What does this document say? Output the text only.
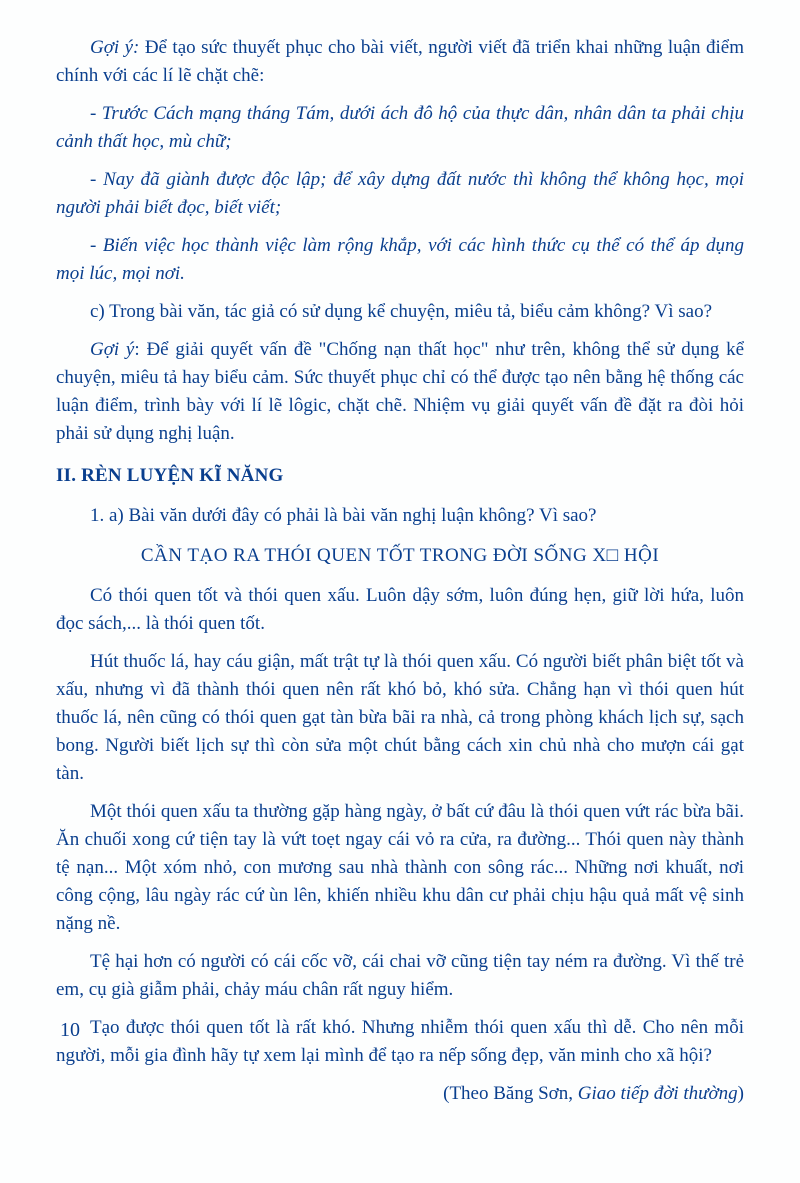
Gợi ý: Để tạo sức thuyết phục cho bài viết, người viết đã triển khai những luận điểm chính với các lí lẽ chặt chẽ:

- Trước Cách mạng tháng Tám, dưới ách đô hộ của thực dân, nhân dân ta phải chịu cảnh thất học, mù chữ;

- Nay đã giành được độc lập; để xây dựng đất nước thì không thể không học, mọi người phải biết đọc, biết viết;

- Biến việc học thành việc làm rộng khắp, với các hình thức cụ thể có thể áp dụng mọi lúc, mọi nơi.

c) Trong bài văn, tác giả có sử dụng kể chuyện, miêu tả, biểu cảm không? Vì sao?

Gợi ý: Để giải quyết vấn đề "Chống nạn thất học" như trên, không thể sử dụng kể chuyện, miêu tả hay biểu cảm. Sức thuyết phục chỉ có thể được tạo nên bằng hệ thống các luận điểm, trình bày với lí lẽ lôgic, chặt chẽ. Nhiệm vụ giải quyết vấn đề đặt ra đòi hỏi phải sử dụng nghị luận.

II. RÈN LUYỆN KĨ NĂNG

1. a) Bài văn dưới đây có phải là bài văn nghị luận không? Vì sao?

CẦN TẠO RA THÓI QUEN TỐT TRONG ĐỜI SỐNG X□ HỘI

Có thói quen tốt và thói quen xấu. Luôn dậy sớm, luôn đúng hẹn, giữ lời hứa, luôn đọc sách,... là thói quen tốt.

Hút thuốc lá, hay cáu giận, mất trật tự là thói quen xấu. Có người biết phân biệt tốt và xấu, nhưng vì đã thành thói quen nên rất khó bỏ, khó sửa. Chẳng hạn vì thói quen hút thuốc lá, nên cũng có thói quen gạt tàn bừa bãi ra nhà, cả trong phòng khách lịch sự, sạch bong. Người biết lịch sự thì còn sửa một chút bằng cách xin chủ nhà cho mượn cái gạt tàn.

Một thói quen xấu ta thường gặp hàng ngày, ở bất cứ đâu là thói quen vứt rác bừa bãi. Ăn chuối xong cứ tiện tay là vứt toẹt ngay cái vỏ ra cửa, ra đường... Thói quen này thành tệ nạn... Một xóm nhỏ, con mương sau nhà thành con sông rác... Những nơi khuất, nơi công cộng, lâu ngày rác cứ ùn lên, khiến nhiều khu dân cư phải chịu hậu quả mất vệ sinh nặng nề.

Tệ hại hơn có người có cái cốc vỡ, cái chai vỡ cũng tiện tay ném ra đường. Vì thế trẻ em, cụ già giẫm phải, chảy máu chân rất nguy hiểm.

Tạo được thói quen tốt là rất khó. Nhưng nhiễm thói quen xấu thì dễ. Cho nên mỗi người, mỗi gia đình hãy tự xem lại mình để tạo ra nếp sống đẹp, văn minh cho xã hội?

(Theo Băng Sơn, Giao tiếp đời thường)

10
